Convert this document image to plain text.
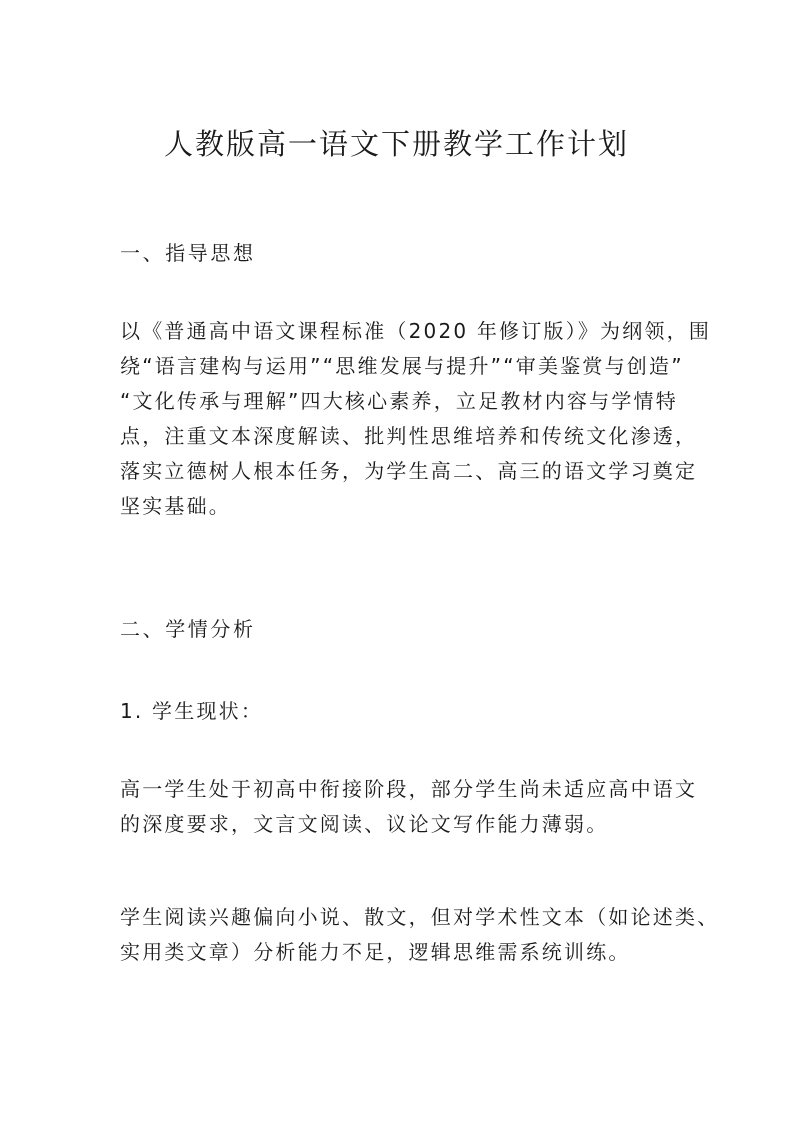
人教版高一语文下册教学工作计划

一、指导思想

以《普通高中语文课程标准（2020 年修订版）》为纲领，围
绕“语言建构与运用”“思维发展与提升”“审美鉴赏与创造”
“文化传承与理解”四大核心素养，立足教材内容与学情特
点，注重文本深度解读、批判性思维培养和传统文化渗透，
落实立德树人根本任务，为学生高二、高三的语文学习奠定
坚实基础。

二、学情分析

1. 学生现状：

高一学生处于初高中衔接阶段，部分学生尚未适应高中语文
的深度要求，文言文阅读、议论文写作能力薄弱。
学生阅读兴趣偏向小说、散文，但对学术性文本（如论述类、
实用类文章）分析能力不足，逻辑思维需系统训练。
